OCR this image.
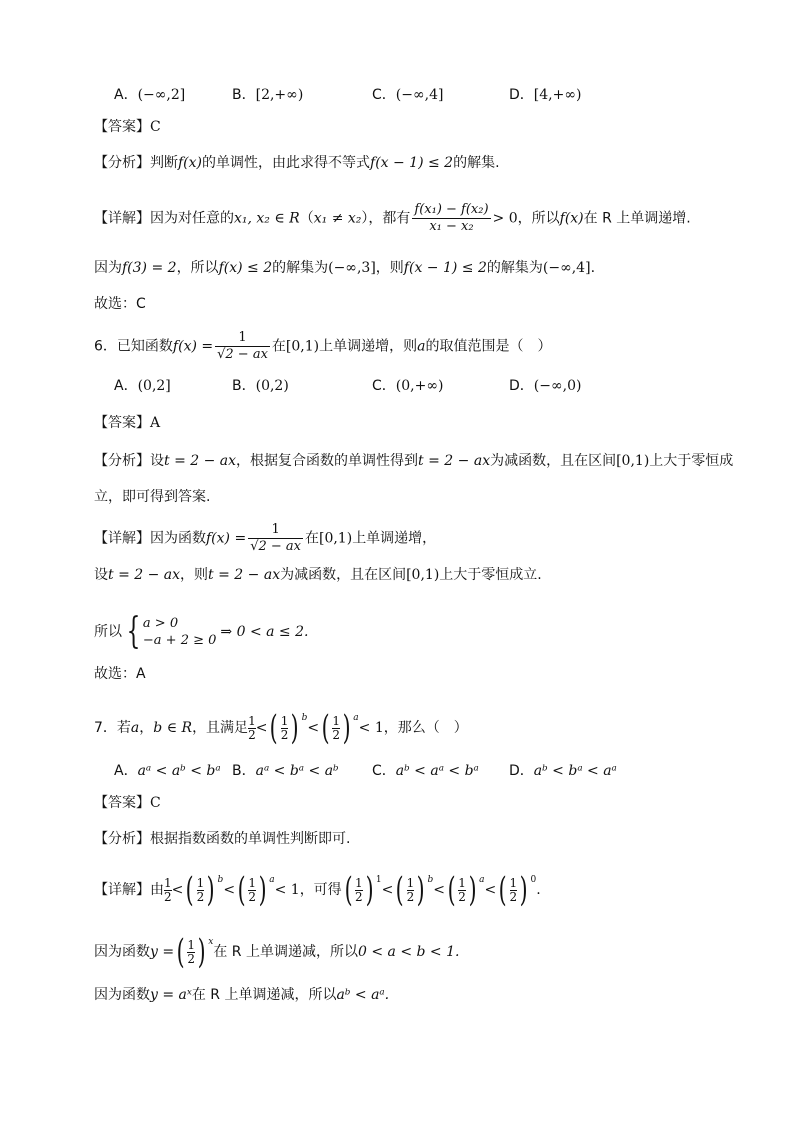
A．(−∞,2]	B．[2,+∞)	C．(−∞,4]	D．[4,+∞)
【答案】C
【分析】判断f(x)的单调性，由此求得不等式f(x − 1) ≤ 2的解集.
【详解】因为对任意的x₁, x₂ ∈ R（x₁ ≠ x₂），都有 $\frac{\text{f(x₁) − f(x₂)}}{\text{x₁ − x₂}} > 0$，所以f(x)在 R 上单调递增.
因为f(3) = 2，所以f(x) ≤ 2的解集为(−∞,3]，则f(x − 1) ≤ 2的解集为(−∞,4].
故选：C
6．已知函数$f(x) = \frac{1}{√2 - ax}$ 在[0,1)上单调递增，则a的取值范围是（　）
A．(0,2]	B．(0,2)	C．(0,+∞)	D．(−∞,0)
【答案】A
【分析】设t = 2 − ax，根据复合函数的单调性得到t = 2 − ax为减函数，且在区间[0,1)上大于零恒成
立，即可得到答案.
【详解】因为函数$f(x) = \frac{1}{√2 - ax}$ 在[0,1)上单调递增，
设t = 2 − ax，则t = 2 − ax为减函数，且在区间[0,1)上大于零恒成立.
所以 { a > 0
−a + 2 ≥ 0
⇒ 0 < a ≤ 2.
故选：A
7．若a，b ∈ R，且满足 $\frac{1}{2}$ <( $\frac{1}{2}$ ) $^b<( \frac{1}{2}$ ) $^a$< 1，那么（　）
A．aᵃ < aᵇ < bᵃ B．aᵃ < bᵃ < aᵇ C．aᵇ < aᵃ < bᵃ D．aᵇ < bᵃ < aᵃ
【答案】C
【分析】根据指数函数的单调性判断即可.
【详解】由 $\frac{1}{2}$ <( $\frac{1}{2}$ ) $^b<( \frac{1}{2}$ ) $^a$< 1，可得( $\frac{1}{2}$ ) $^1<( \frac{1}{2}$ ) $^b<( \frac{1}{2}$ ) $^a<( \frac{1}{2}$ ) $^0$.
因为函数y =( $\frac{1}{2}$ ) $^x$在 R 上单调递减，所以0 < a < b < 1.
因为函数y = aˣ在 R 上单调递减，所以aᵇ < aᵃ.
